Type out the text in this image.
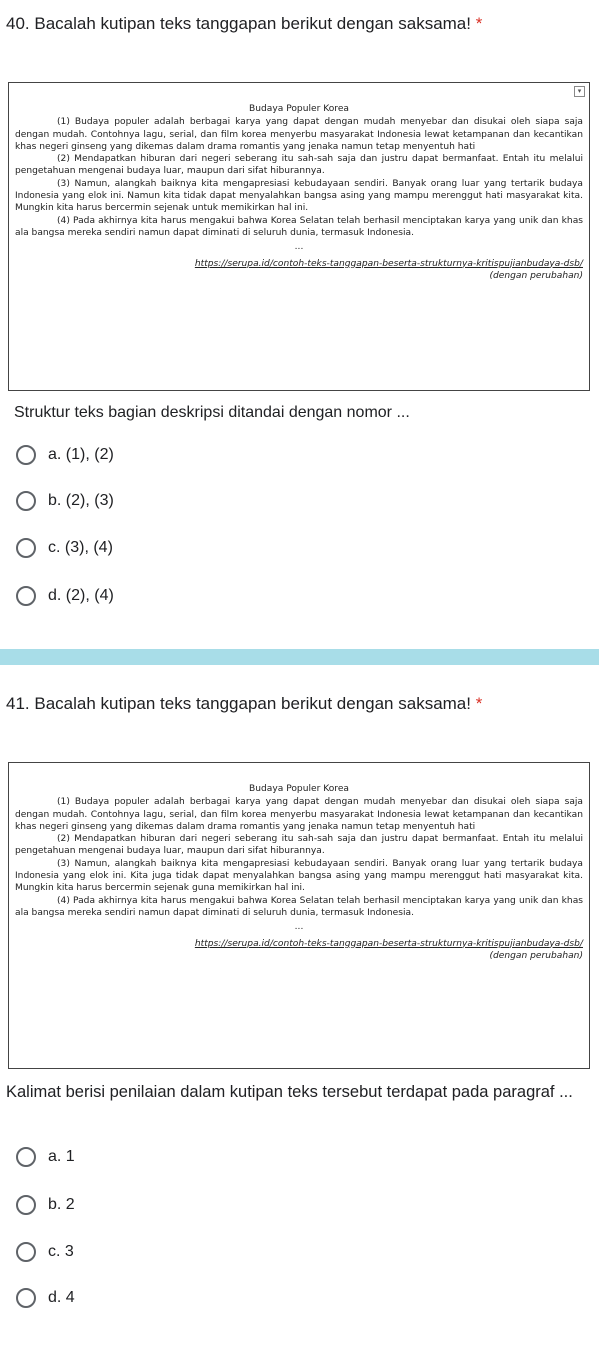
40. Bacalah kutipan teks tanggapan berikut dengan saksama! *
▾
Budaya Populer Korea

(1) Budaya populer adalah berbagai karya yang dapat dengan mudah menyebar dan disukai oleh siapa saja dengan mudah. Contohnya lagu, serial, dan film korea menyerbu masyarakat Indonesia lewat ketampanan dan kecantikan khas negeri ginseng yang dikemas dalam drama romantis yang jenaka namun tetap menyentuh hati

(2) Mendapatkan hiburan dari negeri seberang itu sah-sah saja dan justru dapat bermanfaat. Entah itu melalui pengetahuan mengenai budaya luar, maupun dari sifat hiburannya.

(3) Namun, alangkah baiknya kita mengapresiasi kebudayaan sendiri. Banyak orang luar yang tertarik budaya Indonesia yang elok ini. Namun kita tidak dapat menyalahkan bangsa asing yang mampu merenggut hati masyarakat kita. Mungkin kita harus bercermin sejenak untuk memikirkan hal ini.

(4) Pada akhirnya kita harus mengakui bahwa Korea Selatan telah berhasil menciptakan karya yang unik dan khas ala bangsa mereka sendiri namun dapat diminati di seluruh dunia, termasuk Indonesia.

...
https://serupa.id/contoh-teks-tanggapan-beserta-strukturnya-kritispujianbudaya-dsb/
(dengan perubahan)
Struktur teks bagian deskripsi ditandai dengan nomor ...
a. (1), (2)
b. (2), (3)
c. (3), (4)
d. (2), (4)
41. Bacalah kutipan teks tanggapan berikut dengan saksama! *
Budaya Populer Korea

(1) Budaya populer adalah berbagai karya yang dapat dengan mudah menyebar dan disukai oleh siapa saja dengan mudah. Contohnya lagu, serial, dan film korea menyerbu masyarakat Indonesia lewat ketampanan dan kecantikan khas negeri ginseng yang dikemas dalam drama romantis yang jenaka namun tetap menyentuh hati

(2) Mendapatkan hiburan dari negeri seberang itu sah-sah saja dan justru dapat bermanfaat. Entah itu melalui pengetahuan mengenai budaya luar, maupun dari sifat hiburannya.

(3) Namun, alangkah baiknya kita mengapresiasi kebudayaan sendiri. Banyak orang luar yang tertarik budaya Indonesia yang elok ini. Kita juga tidak dapat menyalahkan bangsa asing yang mampu merenggut hati masyarakat kita. Mungkin kita harus bercermin sejenak guna memikirkan hal ini.

(4) Pada akhirnya kita harus mengakui bahwa Korea Selatan telah berhasil menciptakan karya yang unik dan khas ala bangsa mereka sendiri namun dapat diminati di seluruh dunia, termasuk Indonesia.

...
https://serupa.id/contoh-teks-tanggapan-beserta-strukturnya-kritispujianbudaya-dsb/
(dengan perubahan)
Kalimat berisi penilaian dalam kutipan teks tersebut terdapat pada paragraf ...
a. 1
b. 2
c. 3
d. 4
